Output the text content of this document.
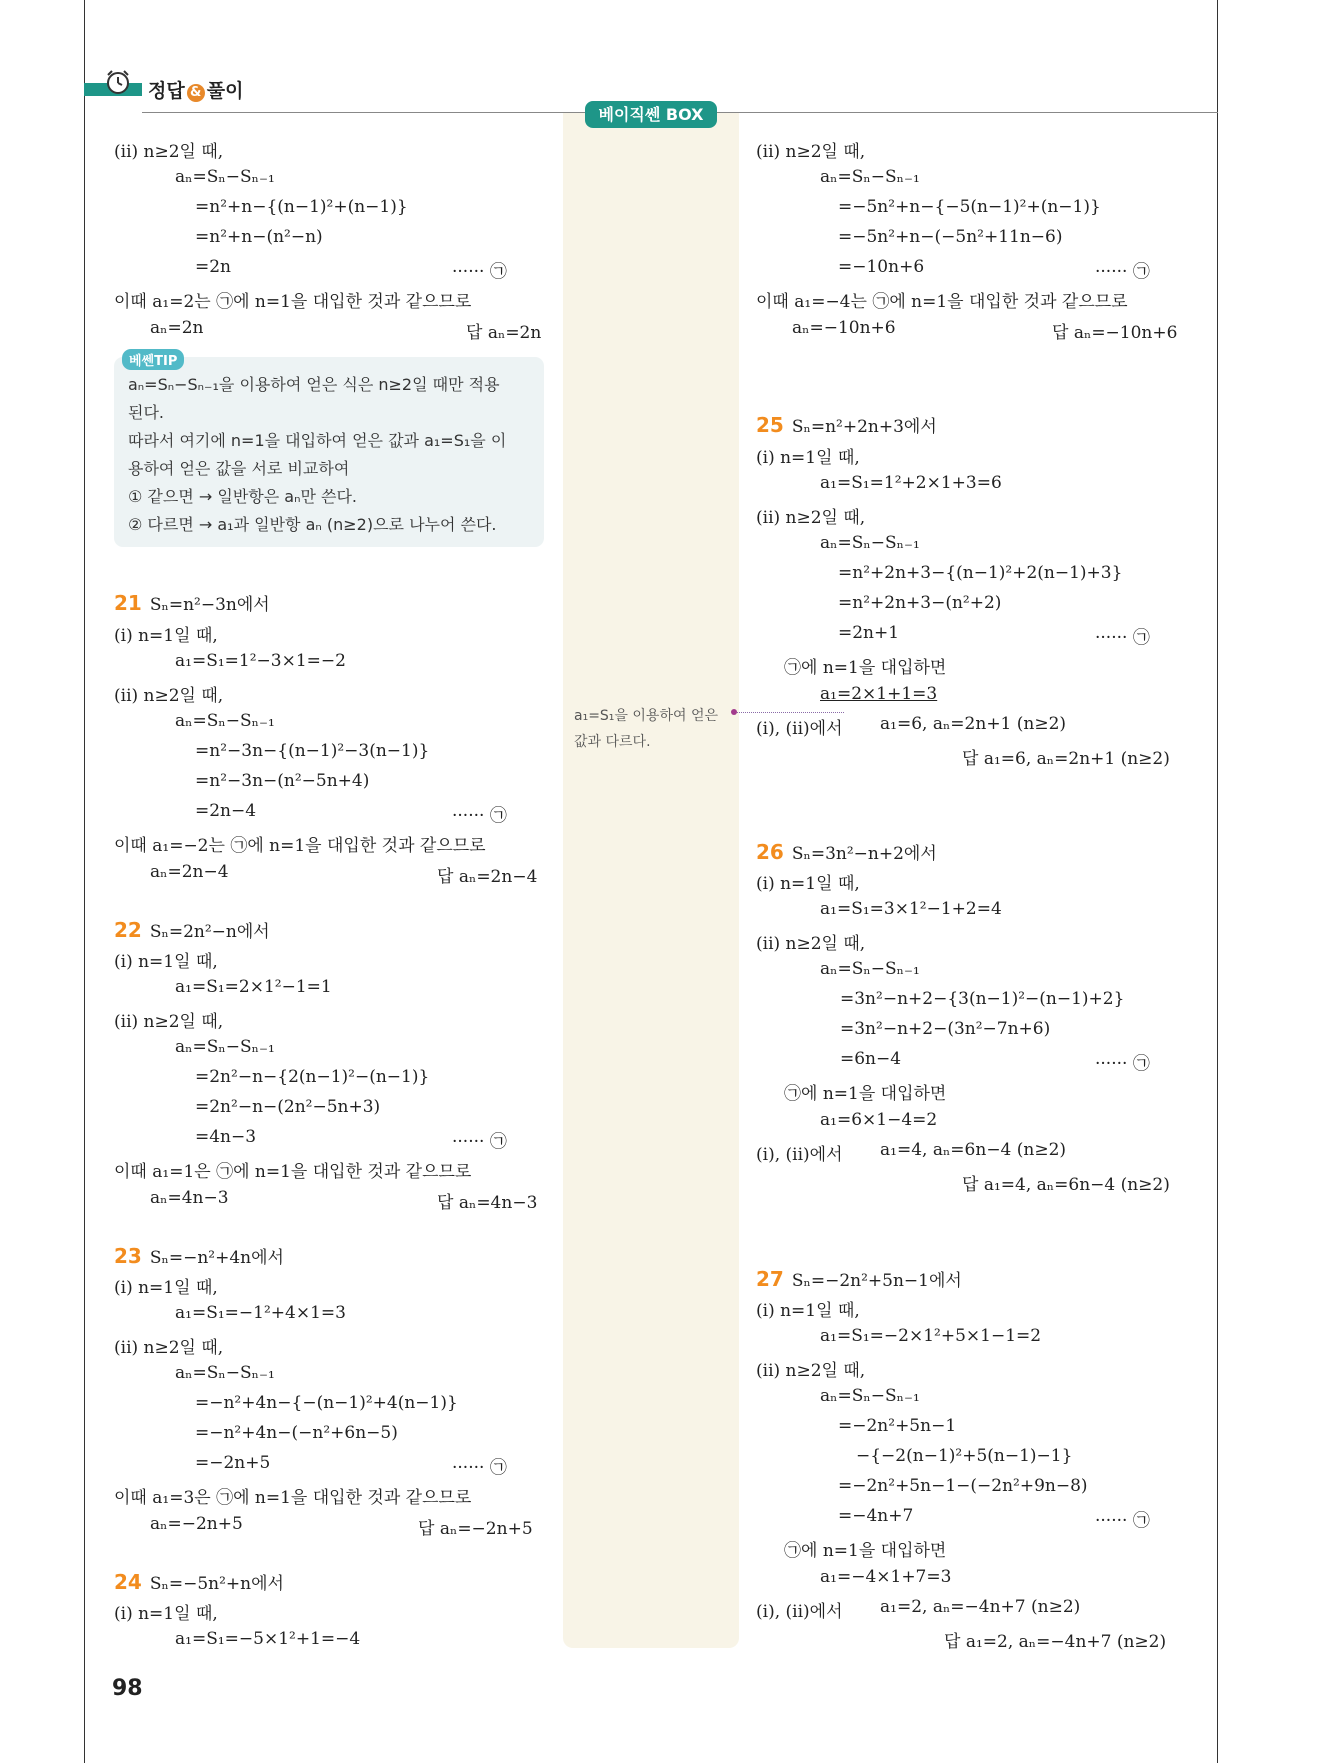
정답 & 풀이
베이직쎈 BOX
a₁=S₁을 이용하여 얻은
값과 다르다.
(ii) n≥2일 때,
aₙ=Sₙ−Sₙ₋₁
=n²+n−{(n−1)²+(n−1)}
=n²+n−(n²−n)
=2n	······ ㉠
이때 a₁=2는 ㉠에 n=1을 대입한 것과 같으므로
aₙ=2n	답 aₙ=2n
베쎈TIP
aₙ=Sₙ−Sₙ₋₁을 이용하여 얻은 식은 n≥2일 때만 적용
된다.
따라서 여기에 n=1을 대입하여 얻은 값과 a₁=S₁을 이
용하여 얻은 값을 서로 비교하여
① 같으면 → 일반항은 aₙ만 쓴다.
② 다르면 → a₁과 일반항 aₙ (n≥2)으로 나누어 쓴다.
21 Sₙ=n²−3n에서
(i) n=1일 때,
a₁=S₁=1²−3×1=−2
(ii) n≥2일 때,
aₙ=Sₙ−Sₙ₋₁
=n²−3n−{(n−1)²−3(n−1)}
=n²−3n−(n²−5n+4)
=2n−4	······ ㉠
이때 a₁=−2는 ㉠에 n=1을 대입한 것과 같으므로
aₙ=2n−4	답 aₙ=2n−4
22 Sₙ=2n²−n에서
(i) n=1일 때,
a₁=S₁=2×1²−1=1
(ii) n≥2일 때,
aₙ=Sₙ−Sₙ₋₁
=2n²−n−{2(n−1)²−(n−1)}
=2n²−n−(2n²−5n+3)
=4n−3	······ ㉠
이때 a₁=1은 ㉠에 n=1을 대입한 것과 같으므로
aₙ=4n−3	답 aₙ=4n−3
23 Sₙ=−n²+4n에서
(i) n=1일 때,
a₁=S₁=−1²+4×1=3
(ii) n≥2일 때,
aₙ=Sₙ−Sₙ₋₁
=−n²+4n−{−(n−1)²+4(n−1)}
=−n²+4n−(−n²+6n−5)
=−2n+5	······ ㉠
이때 a₁=3은 ㉠에 n=1을 대입한 것과 같으므로
aₙ=−2n+5	답 aₙ=−2n+5
24 Sₙ=−5n²+n에서
(i) n=1일 때,
a₁=S₁=−5×1²+1=−4
(ii) n≥2일 때,
aₙ=Sₙ−Sₙ₋₁
=−5n²+n−{−5(n−1)²+(n−1)}
=−5n²+n−(−5n²+11n−6)
=−10n+6	······ ㉠
이때 a₁=−4는 ㉠에 n=1을 대입한 것과 같으므로
aₙ=−10n+6	답 aₙ=−10n+6
25 Sₙ=n²+2n+3에서
(i) n=1일 때,
a₁=S₁=1²+2×1+3=6
(ii) n≥2일 때,
aₙ=Sₙ−Sₙ₋₁
=n²+2n+3−{(n−1)²+2(n−1)+3}
=n²+2n+3−(n²+2)
=2n+1	······ ㉠
㉠에 n=1을 대입하면
a₁=2×1+1=3
(i), (ii)에서 a₁=6, aₙ=2n+1 (n≥2)
답 a₁=6, aₙ=2n+1 (n≥2)
26 Sₙ=3n²−n+2에서
(i) n=1일 때,
a₁=S₁=3×1²−1+2=4
(ii) n≥2일 때,
aₙ=Sₙ−Sₙ₋₁
=3n²−n+2−{3(n−1)²−(n−1)+2}
=3n²−n+2−(3n²−7n+6)
=6n−4	······ ㉠
㉠에 n=1을 대입하면
a₁=6×1−4=2
(i), (ii)에서 a₁=4, aₙ=6n−4 (n≥2)
답 a₁=4, aₙ=6n−4 (n≥2)
27 Sₙ=−2n²+5n−1에서
(i) n=1일 때,
a₁=S₁=−2×1²+5×1−1=2
(ii) n≥2일 때,
aₙ=Sₙ−Sₙ₋₁
=−2n²+5n−1
−{−2(n−1)²+5(n−1)−1}
=−2n²+5n−1−(−2n²+9n−8)
=−4n+7	······ ㉠
㉠에 n=1을 대입하면
a₁=−4×1+7=3
(i), (ii)에서 a₁=2, aₙ=−4n+7 (n≥2)
답 a₁=2, aₙ=−4n+7 (n≥2)
98
